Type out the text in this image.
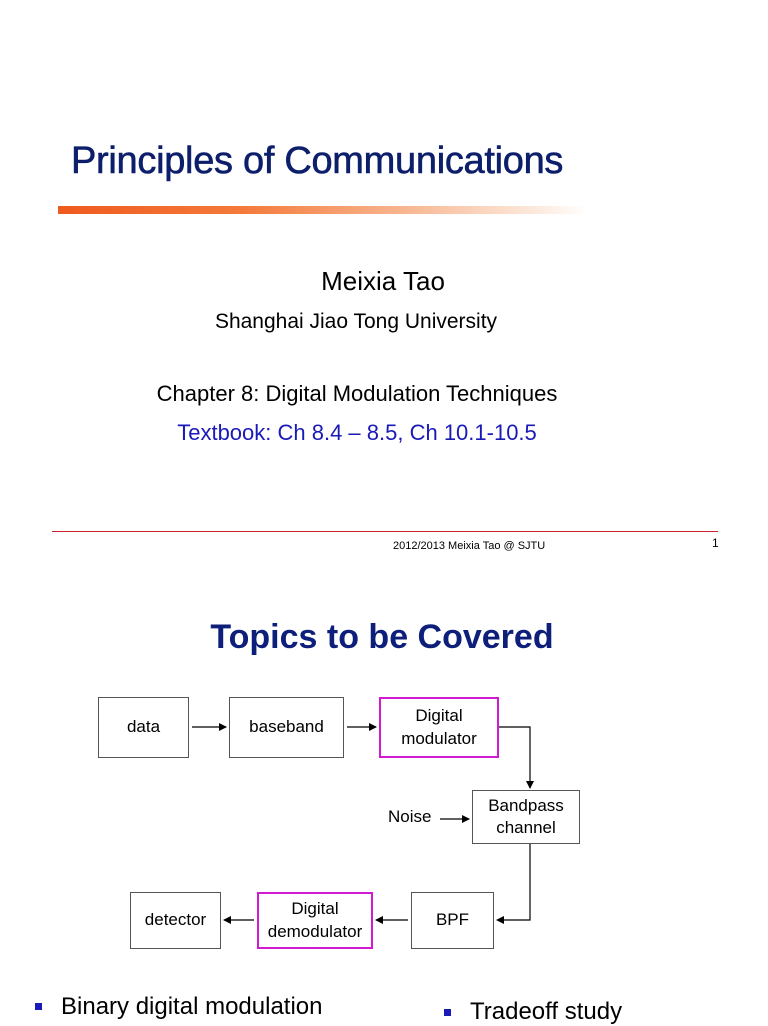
Principles of Communications
Meixia Tao
Shanghai Jiao Tong University
Chapter 8: Digital Modulation Techniques
Textbook: Ch 8.4 – 8.5, Ch 10.1-10.5
2012/2013 Meixia Tao @ SJTU	1
Topics to be Covered
data	baseband
Digital
modulator
Bandpass
channel
Noise
BPF
Digital
demodulator
detector
Binary digital modulation	Tradeoff study
